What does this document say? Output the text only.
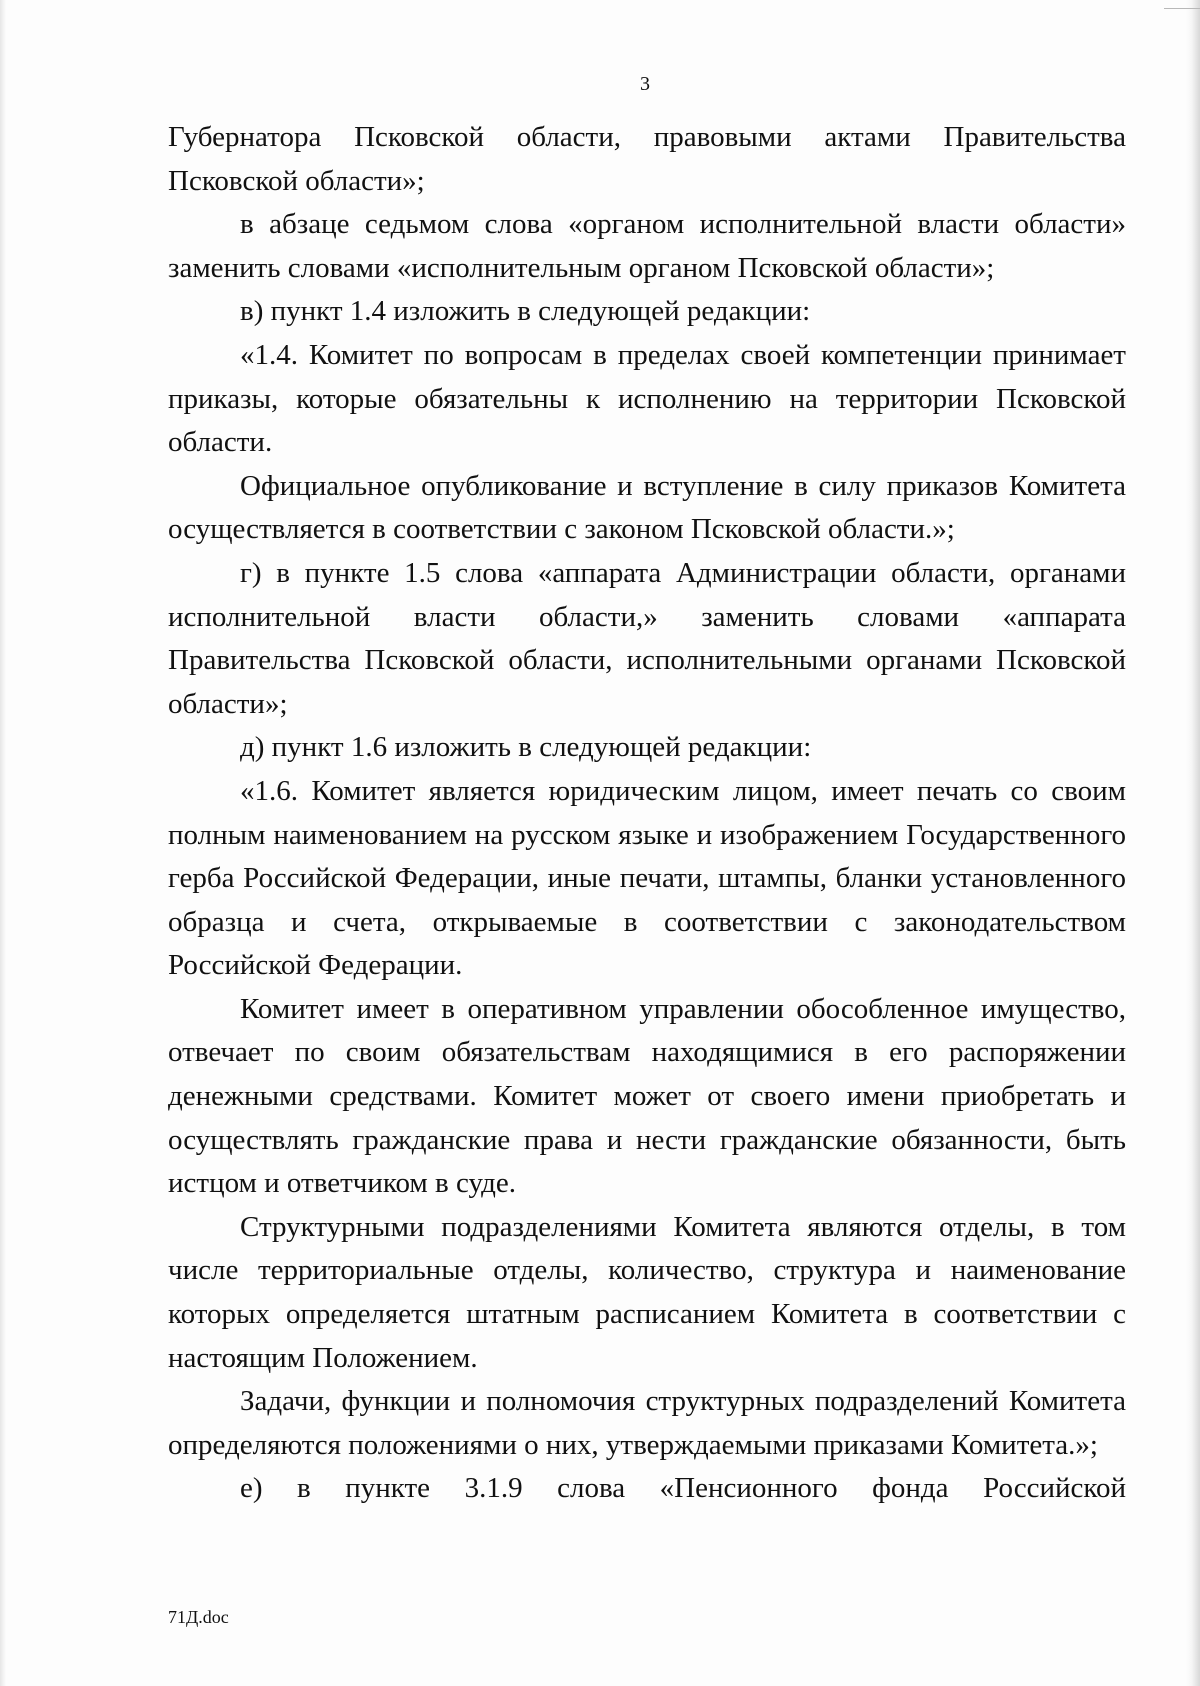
3

Губернатора Псковской области, правовыми актами Правительства Псковской области»;

в абзаце седьмом слова «органом исполнительной власти области» заменить словами «исполнительным органом Псковской области»;

в) пункт 1.4 изложить в следующей редакции:

«1.4. Комитет по вопросам в пределах своей компетенции принимает приказы, которые обязательны к исполнению на территории Псковской области.

Официальное опубликование и вступление в силу приказов Комитета осуществляется в соответствии с законом Псковской области.»;

г) в пункте 1.5 слова «аппарата Администрации области, органами исполнительной власти области,» заменить словами «аппарата Правительства Псковской области, исполнительными органами Псковской области»;

д) пункт 1.6 изложить в следующей редакции:

«1.6. Комитет является юридическим лицом, имеет печать со своим полным наименованием на русском языке и изображением Государственного герба Российской Федерации, иные печати, штампы, бланки установленного образца и счета, открываемые в соответствии с законодательством Российской Федерации.

Комитет имеет в оперативном управлении обособленное имущество, отвечает по своим обязательствам находящимися в его распоряжении денежными средствами. Комитет может от своего имени приобретать и осуществлять гражданские права и нести гражданские обязанности, быть истцом и ответчиком в суде.

Структурными подразделениями Комитета являются отделы, в том числе территориальные отделы, количество, структура и наименование которых определяется штатным расписанием Комитета в соответствии с настоящим Положением.

Задачи, функции и полномочия структурных подразделений Комитета определяются положениями о них, утверждаемыми приказами Комитета.»;

е) в пункте 3.1.9 слова «Пенсионного фонда Российской

71Д.doc
